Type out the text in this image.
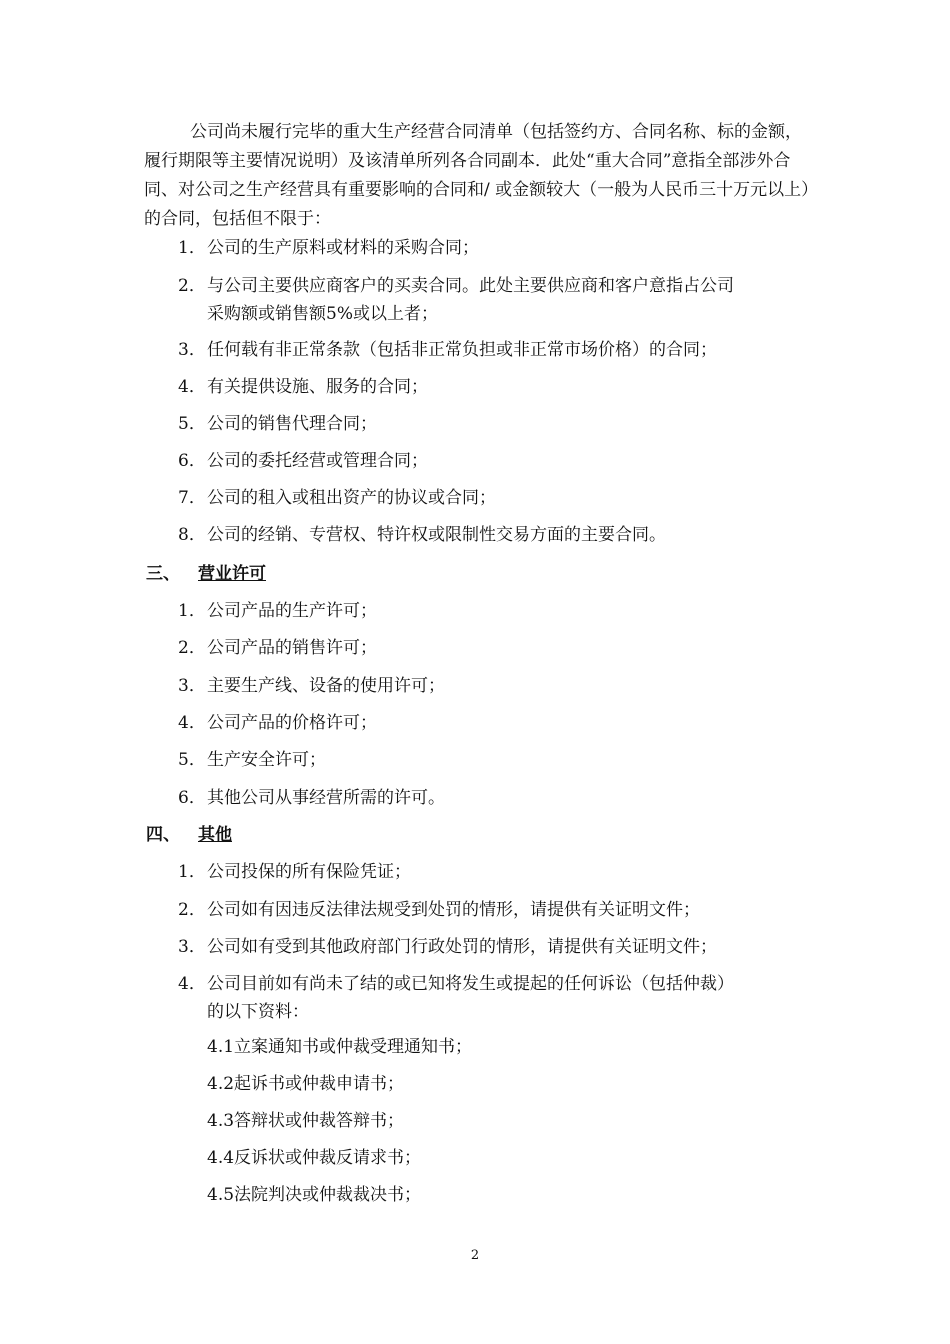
公司尚未履行完毕的重大生产经营合同清单（包括签约方、合同名称、标的金额，履行期限等主要情况说明）及该清单所列各合同副本．此处“重大合同”意指全部涉外合同、对公司之生产经营具有重要影响的合同和/ 或金额较大（一般为人民币三十万元以上）的合同，包括但不限于：
1．公司的生产原料或材料的采购合同；
2．与公司主要供应商客户的买卖合同。此处主要供应商和客户意指占公司
采购额或销售额5%或以上者；
3．任何载有非正常条款（包括非正常负担或非正常市场价格）的合同；
4．有关提供设施、服务的合同；
5．公司的销售代理合同；
6．公司的委托经营或管理合同；
7．公司的租入或租出资产的协议或合同；
8．公司的经销、专营权、特许权或限制性交易方面的主要合同。
三、 营业许可
1．公司产品的生产许可；
2．公司产品的销售许可；
3．主要生产线、设备的使用许可；
4．公司产品的价格许可；
5．生产安全许可；
6．其他公司从事经营所需的许可。
四、 其他
1．公司投保的所有保险凭证；
2．公司如有因违反法律法规受到处罚的情形，请提供有关证明文件；
3．公司如有受到其他政府部门行政处罚的情形，请提供有关证明文件；
4．公司目前如有尚未了结的或已知将发生或提起的任何诉讼（包括仲裁）
的以下资料：
4.1立案通知书或仲裁受理通知书；
4.2起诉书或仲裁申请书；
4.3答辩状或仲裁答辩书；
4.4反诉状或仲裁反请求书；
4.5法院判决或仲裁裁决书；
2
